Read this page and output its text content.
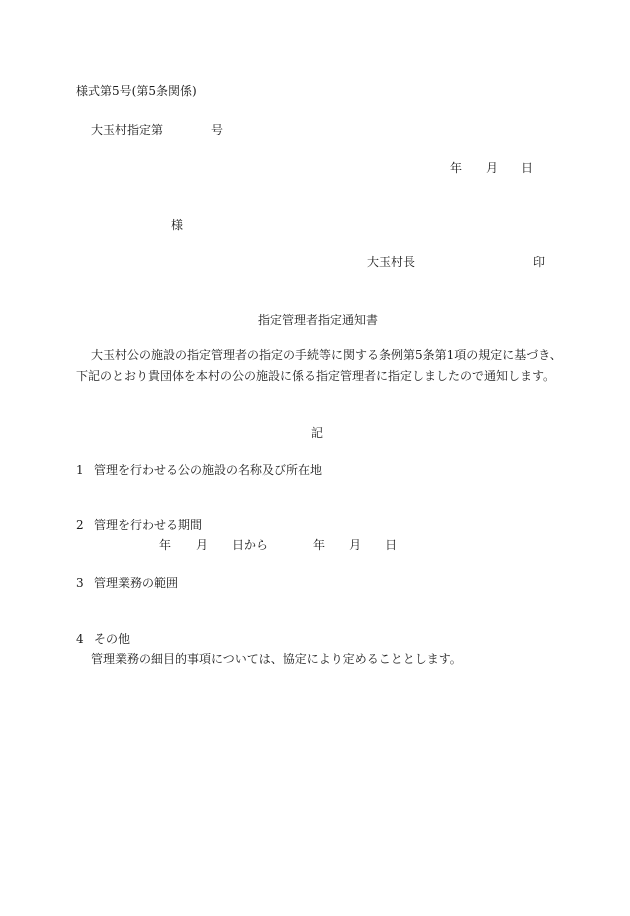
様式第5号(第5条関係)
大玉村指定第	号
年 月 日
様
大玉村長	印
指定管理者指定通知書
大玉村公の施設の指定管理者の指定の手続等に関する条例第5条第1項の規定に基づき、
下記のとおり貴団体を本村の公の施設に係る指定管理者に指定しましたので通知します。
記
1 管理を行わせる公の施設の名称及び所在地
2 管理を行わせる期間
年 月 日から	年 月 日
3 管理業務の範囲
4 その他
管理業務の細目的事項については、協定により定めることとします。
